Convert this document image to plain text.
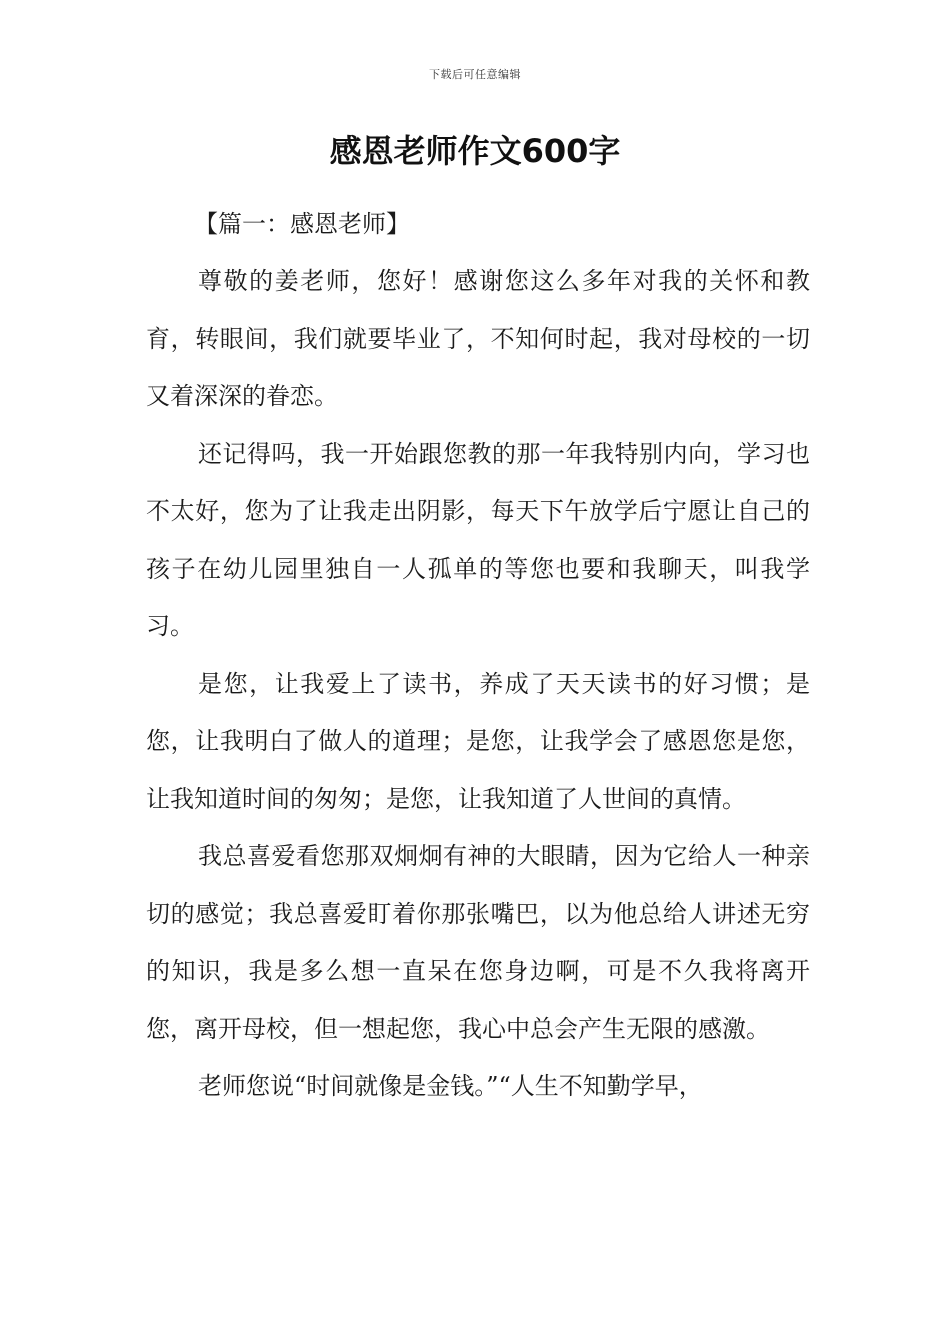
下载后可任意编辑
感恩老师作文600字

【篇一：感恩老师】

尊敬的姜老师，您好！感谢您这么多年对我的关怀和教育，转眼间，我们就要毕业了，不知何时起，我对母校的一切又着深深的眷恋。

还记得吗，我一开始跟您教的那一年我特别内向，学习也不太好，您为了让我走出阴影，每天下午放学后宁愿让自己的孩子在幼儿园里独自一人孤单的等您也要和我聊天，叫我学习。

是您，让我爱上了读书，养成了天天读书的好习惯；是您，让我明白了做人的道理；是您，让我学会了感恩您是您，让我知道时间的匆匆；是您，让我知道了人世间的真情。

我总喜爱看您那双炯炯有神的大眼睛，因为它给人一种亲切的感觉；我总喜爱盯着你那张嘴巴，以为他总给人讲述无穷的知识，我是多么想一直呆在您身边啊，可是不久我将离开您，离开母校，但一想起您，我心中总会产生无限的感激。

老师您说“时间就像是金钱。”“人生不知勤学早，
